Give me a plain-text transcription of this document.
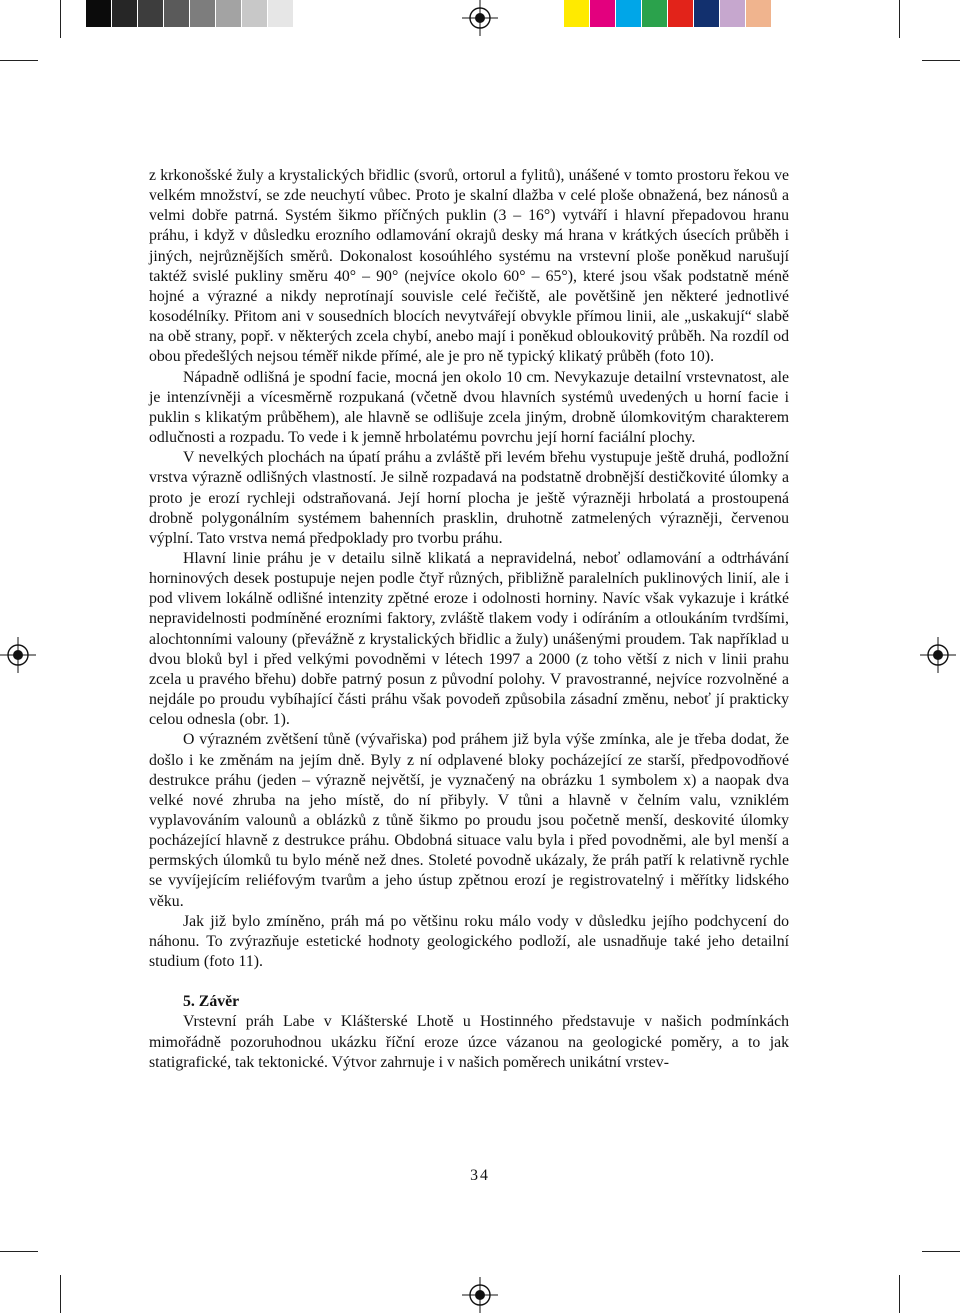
z krkonošské žuly a krystalických břidlic (svorů, ortorul a fylitů), unášené v tomto prostoru řekou ve velkém množství, se zde neuchytí vůbec. Proto je skalní dlažba v celé ploše obnažená, bez nánosů a velmi dobře patrná. Systém šikmo příčných puklin (3 – 16°) vytváří i hlavní přepadovou hranu práhu, i když v důsledku erozního odlamování okrajů desky má hrana v krátkých úsecích průběh i jiných, nejrůznějších směrů. Dokonalost kosoúhlého systému na vrstevní ploše poněkud narušují taktéž svislé pukliny směru 40° – 90° (nejvíce okolo 60° – 65°), které jsou však podstatně méně hojné a výrazné a nikdy neprotínají souvisle celé řečiště, ale povětšině jen některé jednotlivé kosodélníky. Přitom ani v sousedních blocích nevytvářejí obvykle přímou linii, ale „uskakují“ slabě na obě strany, popř. v některých zcela chybí, anebo mají i poněkud obloukovitý průběh. Na rozdíl od obou předešlých nejsou téměř nikde přímé, ale je pro ně typický klikatý průběh (foto 10).

Nápadně odlišná je spodní facie, mocná jen okolo 10 cm. Nevykazuje detailní vrstevnatost, ale je intenzívněji a vícesměrně rozpukaná (včetně dvou hlavních systémů uvedených u horní facie i puklin s klikatým průběhem), ale hlavně se odlišuje zcela jiným, drobně úlomkovitým charakterem odlučnosti a rozpadu. To vede i k jemně hrbolatému povrchu její horní faciální plochy.

V nevelkých plochách na úpatí práhu a zvláště při levém břehu vystupuje ještě druhá, podložní vrstva výrazně odlišných vlastností. Je silně rozpadavá na podstatně drobnější destičkovité úlomky a proto je erozí rychleji odstraňovaná. Její horní plocha je ještě výrazněji hrbolatá a prostoupená drobně polygonálním systémem bahenních prasklin, druhotně zatmelených výrazněji, červenou výplní. Tato vrstva nemá předpoklady pro tvorbu práhu.

Hlavní linie práhu je v detailu silně klikatá a nepravidelná, neboť odlamování a odtrhávání horninových desek postupuje nejen podle čtyř různých, přibližně paralelních puklinových linií, ale i pod vlivem lokálně odlišné intenzity zpětné eroze i odolnosti horniny. Navíc však vykazuje i krátké nepravidelnosti podmíněné erozními faktory, zvláště tlakem vody i odíráním a otloukáním tvrdšími, alochtonními valouny (převážně z krystalických břidlic a žuly) unášenými proudem. Tak například u dvou bloků byl i před velkými povodněmi v létech 1997 a 2000 (z toho větší z nich v linii prahu zcela u pravého břehu) dobře patrný posun z původní polohy. V pravostranné, nejvíce rozvolněné a nejdále po proudu vybíhající části práhu však povodeň způsobila zásadní změnu, neboť jí prakticky celou odnesla (obr. 1).

O výrazném zvětšení tůně (vývařiska) pod práhem již byla výše zmínka, ale je třeba dodat, že došlo i ke změnám na jejím dně. Byly z ní odplavené bloky pocházející ze starší, předpovodňové destrukce práhu (jeden – výrazně největší, je vyznačený na obrázku 1 symbolem x) a naopak dva velké nové zhruba na jeho místě, do ní přibyly. V tůni a hlavně v čelním valu, vzniklém vyplavováním valounů a oblázků z tůně šikmo po proudu jsou početně menší, deskovité úlomky pocházející hlavně z destrukce práhu. Obdobná situace valu byla i před povodněmi, ale byl menší a permských úlomků tu bylo méně než dnes. Stoleté povodně ukázaly, že práh patří k relativně rychle se vyvíjejícím reliéfovým tvarům a jeho ústup zpětnou erozí je registrovatelný i měřítky lidského věku.

Jak již bylo zmíněno, práh má po většinu roku málo vody v důsledku jejího podchycení do náhonu. To zvýrazňuje estetické hodnoty geologického podloží, ale usnadňuje také jeho detailní studium (foto 11).

5. Závěr

Vrstevní práh Labe v Klášterské Lhotě u Hostinného představuje v našich podmínkách mimořádně pozoruhodnou ukázku říční eroze úzce vázanou na geologické poměry, a to jak statigrafické, tak tektonické. Výtvor zahrnuje i v našich poměrech unikátní vrstev-

34
